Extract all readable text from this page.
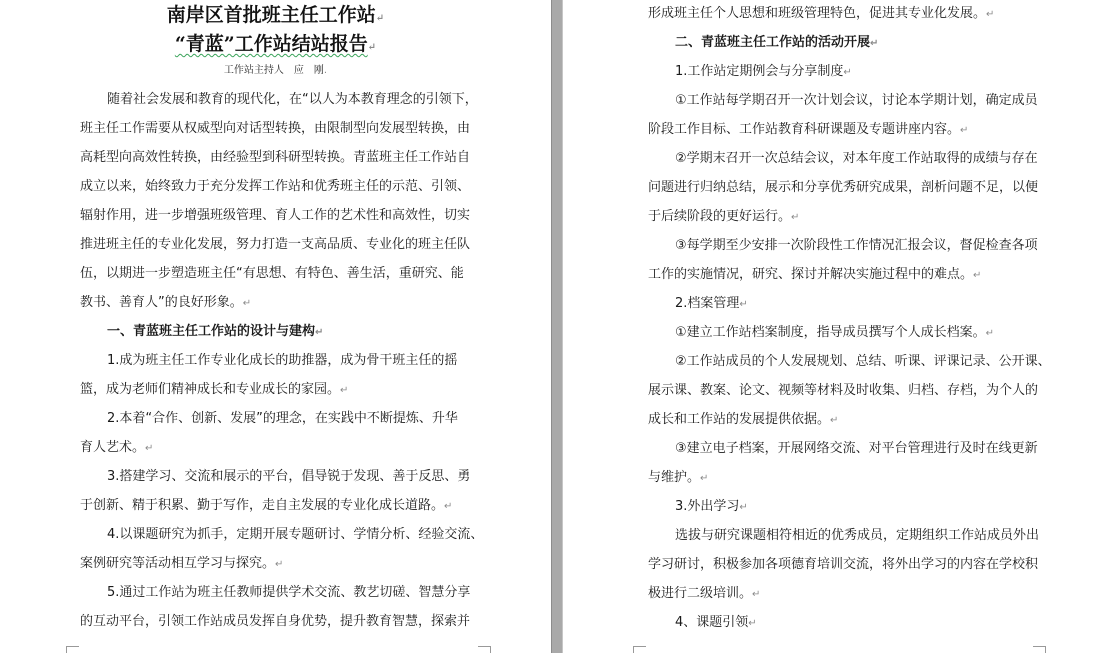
南岸区首批班主任工作站↵
“青蓝”工作站结站报告↵
工作站主持人　应　刚.
随着社会发展和教育的现代化，在“以人为本教育理念的引领下，
班主任工作需要从权威型向对话型转换，由限制型向发展型转换，由
高耗型向高效性转换，由经验型到科研型转换。青蓝班主任工作站自
成立以来，始终致力于充分发挥工作站和优秀班主任的示范、引领、
辐射作用，进一步增强班级管理、育人工作的艺术性和高效性，切实
推进班主任的专业化发展，努力打造一支高品质、专业化的班主任队
伍，以期进一步塑造班主任“有思想、有特色、善生活，重研究、能
教书、善育人”的良好形象。↵
一、青蓝班主任工作站的设计与建构↵
1.成为班主任工作专业化成长的助推器，成为骨干班主任的摇
篮，成为老师们精神成长和专业成长的家园。↵
2.本着“合作、创新、发展”的理念，在实践中不断提炼、升华
育人艺术。↵
3.搭建学习、交流和展示的平台，倡导锐于发现、善于反思、勇
于创新、精于积累、勤于写作，走自主发展的专业化成长道路。↵
4.以课题研究为抓手，定期开展专题研讨、学情分析、经验交流、
案例研究等活动相互学习与探究。↵
5.通过工作站为班主任教师提供学术交流、教艺切磋、智慧分享
的互动平台，引领工作站成员发挥自身优势，提升教育智慧，探索并
形成班主任个人思想和班级管理特色，促进其专业化发展。↵
二、青蓝班主任工作站的活动开展↵
1.工作站定期例会与分享制度↵
①工作站每学期召开一次计划会议，讨论本学期计划，确定成员
阶段工作目标、工作站教育科研课题及专题讲座内容。↵
②学期末召开一次总结会议，对本年度工作站取得的成绩与存在
问题进行归纳总结，展示和分享优秀研究成果，剖析问题不足，以便
于后续阶段的更好运行。↵
③每学期至少安排一次阶段性工作情况汇报会议，督促检查各项
工作的实施情况，研究、探讨并解决实施过程中的难点。↵
2.档案管理↵
①建立工作站档案制度，指导成员撰写个人成长档案。↵
②工作站成员的个人发展规划、总结、听课、评课记录、公开课、
展示课、教案、论文、视频等材料及时收集、归档、存档，为个人的
成长和工作站的发展提供依据。↵
③建立电子档案，开展网络交流、对平台管理进行及时在线更新
与维护。↵
3.外出学习↵
选拔与研究课题相符相近的优秀成员，定期组织工作站成员外出
学习研讨，积极参加各项德育培训交流，将外出学习的内容在学校积
极进行二级培训。↵
4、课题引领↵
